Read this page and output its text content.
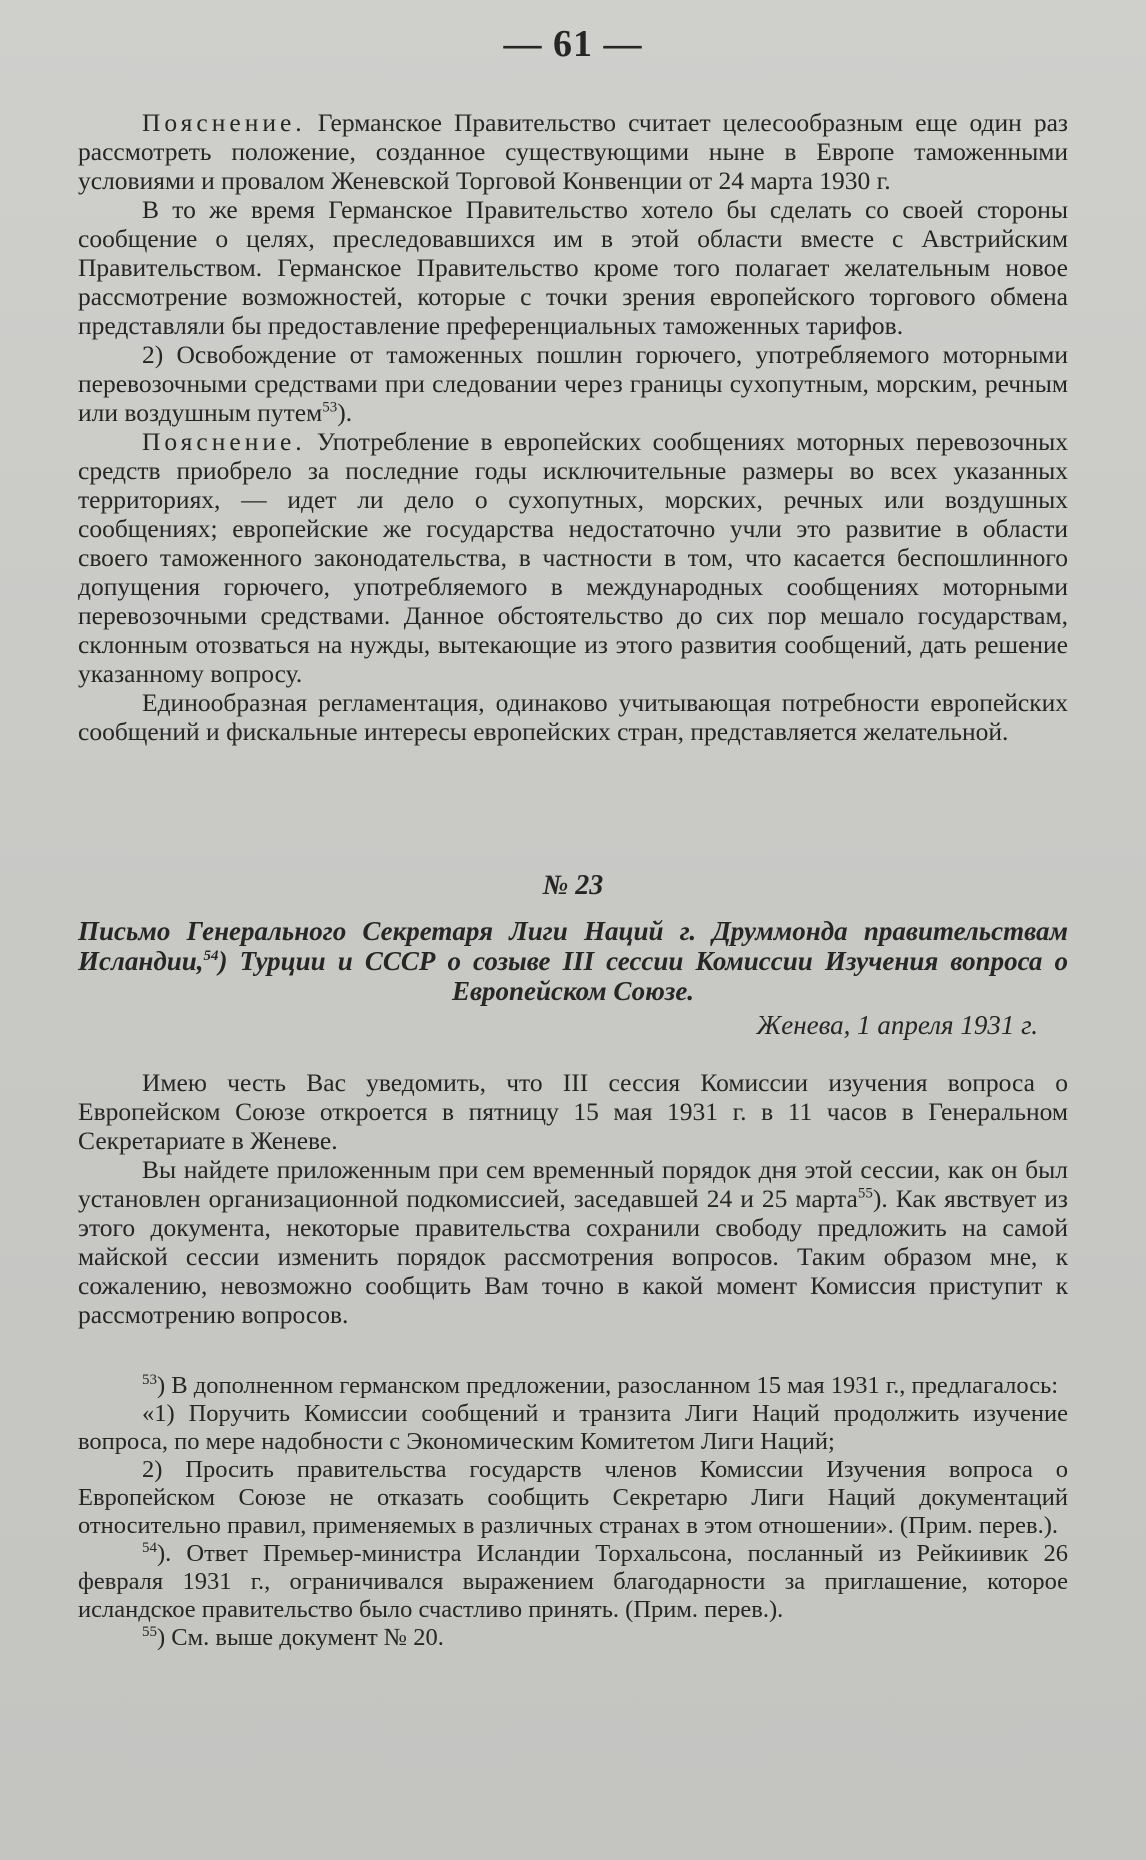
— 61 —

Пояснение. Германское Правительство считает целесообразным еще один раз рассмотреть положение, созданное существующими ныне в Европе таможенными условиями и провалом Женевской Торговой Конвенции от 24 марта 1930 г.

В то же время Германское Правительство хотело бы сделать со своей стороны сообщение о целях, преследовавшихся им в этой области вместе с Австрийским Правительством. Германское Правительство кроме того полагает желательным новое рассмотрение возможностей, которые с точки зрения европейского торгового обмена представляли бы предоставление преференциальных таможенных тарифов.

2) Освобождение от таможенных пошлин горючего, употребляемого моторными перевозочными средствами при следовании через границы сухопутным, морским, речным или воздушным путем$^{53}$).

Пояснение. Употребление в европейских сообщениях моторных перевозочных средств приобрело за последние годы исключительные размеры во всех указанных территориях, — идет ли дело о сухопутных, морских, речных или воздушных сообщениях; европейские же государства недостаточно учли это развитие в области своего таможенного законодательства, в частности в том, что касается беспошлинного допущения горючего, употребляемого в международных сообщениях моторными перевозочными средствами. Данное обстоятельство до сих пор мешало государствам, склонным отозваться на нужды, вытекающие из этого развития сообщений, дать решение указанному вопросу.

Единообразная регламентация, одинаково учитывающая потребности европейских сообщений и фискальные интересы европейских стран, представляется желательной.

№ 23
Письмо Генерального Секретаря Лиги Наций г. Друммонда правительствам Исландии,$^{54}$) Турции и СССР о созыве III сессии Комиссии Изучения вопроса о Европейском Союзе.
Женева, 1 апреля 1931 г.

Имею честь Вас уведомить, что III сессия Комиссии изучения вопроса о Европейском Союзе откроется в пятницу 15 мая 1931 г. в 11 часов в Генеральном Секретариате в Женеве.

Вы найдете приложенным при сем временный порядок дня этой сессии, как он был установлен организационной подкомиссией, заседавшей 24 и 25 марта$^{55}$). Как явствует из этого документа, некоторые правительства сохранили свободу предложить на самой майской сессии изменить порядок рассмотрения вопросов. Таким образом мне, к сожалению, невозможно сообщить Вам точно в какой момент Комиссия приступит к рассмотрению вопросов.

$^{53}$) В дополненном германском предложении, разосланном 15 мая 1931 г., предлагалось:

«1) Поручить Комиссии сообщений и транзита Лиги Наций продолжить изучение вопроса, по мере надобности с Экономическим Комитетом Лиги Наций;

2) Просить правительства государств членов Комиссии Изучения вопроса о Европейском Союзе не отказать сообщить Секретарю Лиги Наций документаций относительно правил, применяемых в различных странах в этом отношении». (Прим. перев.).

$^{54}$). Ответ Премьер-министра Исландии Торхальсона, посланный из Рейкиивик 26 февраля 1931 г., ограничивался выражением благодарности за приглашение, которое исландское правительство было счастливо принять. (Прим. перев.).

$^{55}$) См. выше документ № 20.
